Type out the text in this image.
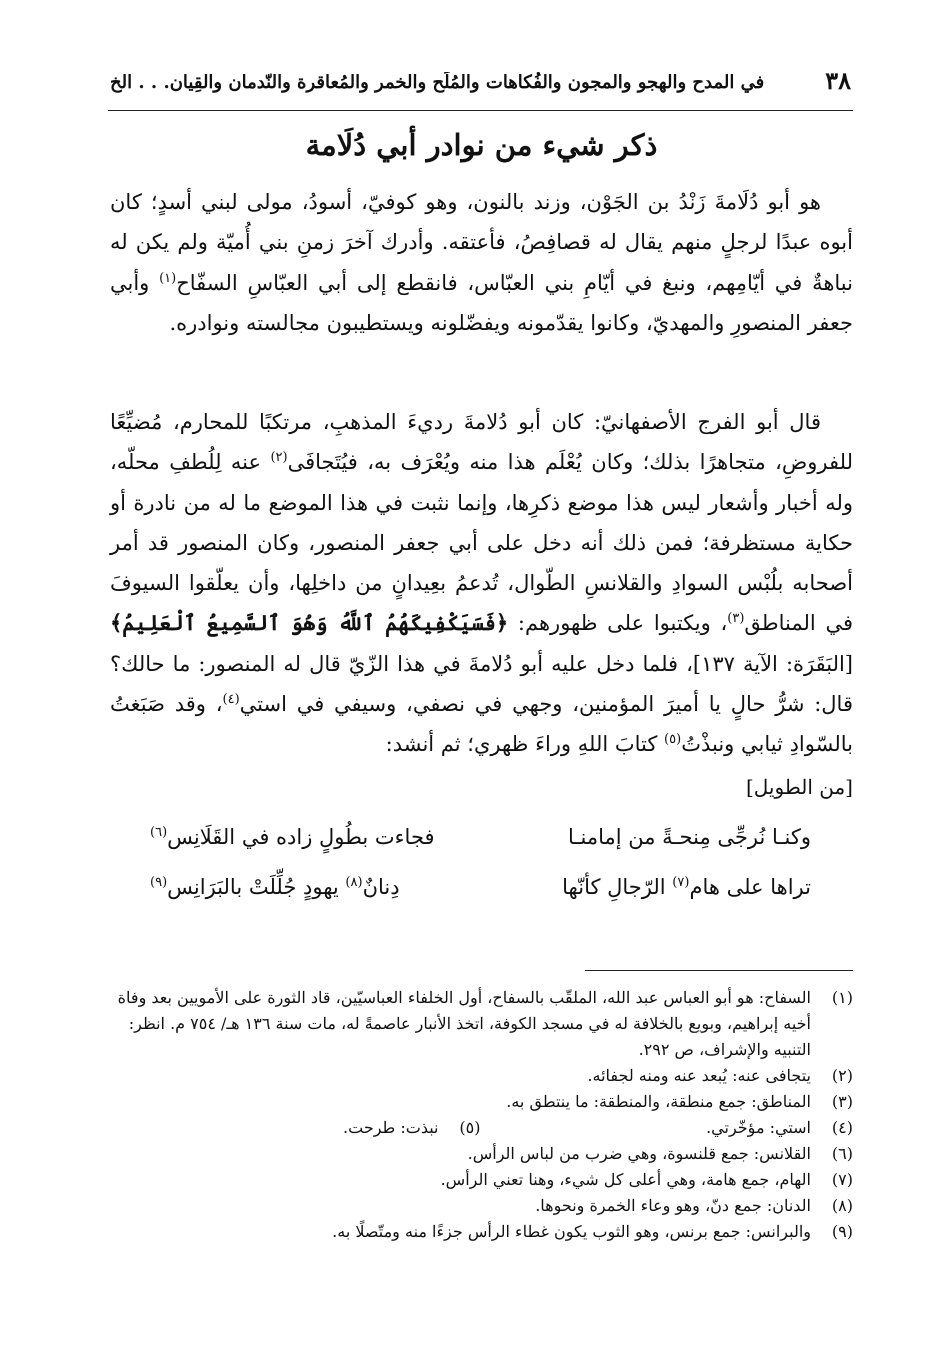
٣٨
في المدح والهجو والمجون والفُكاهات والمُلَح والخمر والمُعاقرة والنّدمان والقِيان. . . الخ
ذكر شيء من نوادر أبي دُلَامة
هو أبو دُلَامةَ زَنْدُ بن الجَوْن، وزند بالنون، وهو كوفيّ، أسودُ، مولى لبني أسدٍ؛ كان أبوه عبدًا لرجلٍ منهم يقال له قصافِصُ، فأعتقه. وأدرك آخرَ زمنِ بني أُميّة ولم يكن له نباهةٌ في أيّامِهم، ونبغ في أيّامِ بني العبّاس، فانقطع إلى أبي العبّاسِ السفّاح$^{(١)}$ وأبي جعفر المنصورِ والمهديّ، وكانوا يقدّمونه ويفضّلونه ويستطيبون مجالسته ونوادره.
قال أبو الفرج الأصفهانيّ: كان أبو دُلامةَ رديءَ المذهبِ، مرتكبًا للمحارم، مُضيِّعًا للفروضِ، متجاهرًا بذلك؛ وكان يُعْلَم هذا منه ويُعْرَف به، فيُتَجافَى$^{(٢)}$ عنه لِلُطفِ محلّه، وله أخبار وأشعار ليس هذا موضع ذكرِها، وإنما نثبت في هذا الموضع ما له من نادرة أو حكاية مستظرفة؛ فمن ذلك أنه دخل على أبي جعفر المنصور، وكان المنصور قد أمر أصحابه بلُبْس السوادِ والقلانسِ الطّوال، تُدعمُ بعِيدانٍ من داخلِها، وأن يعلّقوا السيوفَ في المناطق$^{(٣)}$، ويكتبوا على ظهورهم: ﴿فَسَيَكْفِيكَهُمُ ٱللَّهُ وَهُوَ ٱلسَّمِيعُ ٱلْعَلِيمُ﴾ [البَقَرَة: الآية ١٣٧]، فلما دخل عليه أبو دُلامةَ في هذا الزّيّ قال له المنصور: ما حالك؟ قال: شرُّ حالٍ يا أميرَ المؤمنين، وجهي في نصفي، وسيفي في استي$^{(٤)}$، وقد صَبَغتُ بالسّوادِ ثيابي ونبذْتُ$^{(٥)}$ كتابَ اللهِ وراءَ ظهري؛ ثم أنشد:
[من الطويل]
وكنـا نُرجِّى مِنحـةً من إمامنـا
فجاءت بطُولٍ زاده في القَلَانِس$^{(٦)}$
تراها على هام$^{(٧)}$ الرّجالِ كأنّها
دِنانٌ$^{(٨)}$ يهودٍ جُلِّلَتْ بالبَرَانِس$^{(٩)}$
(١)
السفاح: هو أبو العباس عبد الله، الملقّب بالسفاح، أول الخلفاء العباسيّين، قاد الثورة على الأمويين بعد وفاة أخيه إبراهيم، وبويع بالخلافة له في مسجد الكوفة، اتخذ الأنبار عاصمةً له، مات سنة ١٣٦ هـ/ ٧٥٤ م. انظر: التنبيه والإشراف، ص ٢٩٢.
(٢)
يتجافى عنه: يُبعد عنه ومنه لجفائه.
(٣)
المناطق: جمع منطقة، والمنطقة: ما ينتطق به.
(٤)
استي: مؤخّرتي.
(٥)
نبذت: طرحت.
(٦)
القلانس: جمع قلنسوة، وهي ضرب من لباس الرأس.
(٧)
الهام، جمع هامة، وهي أعلى كل شيء، وهنا تعني الرأس.
(٨)
الدنان: جمع دنّ، وهو وعاء الخمرة ونحوها.
(٩)
والبرانس: جمع برنس، وهو الثوب يكون غطاء الرأس جزءًا منه ومتّصلًا به.
